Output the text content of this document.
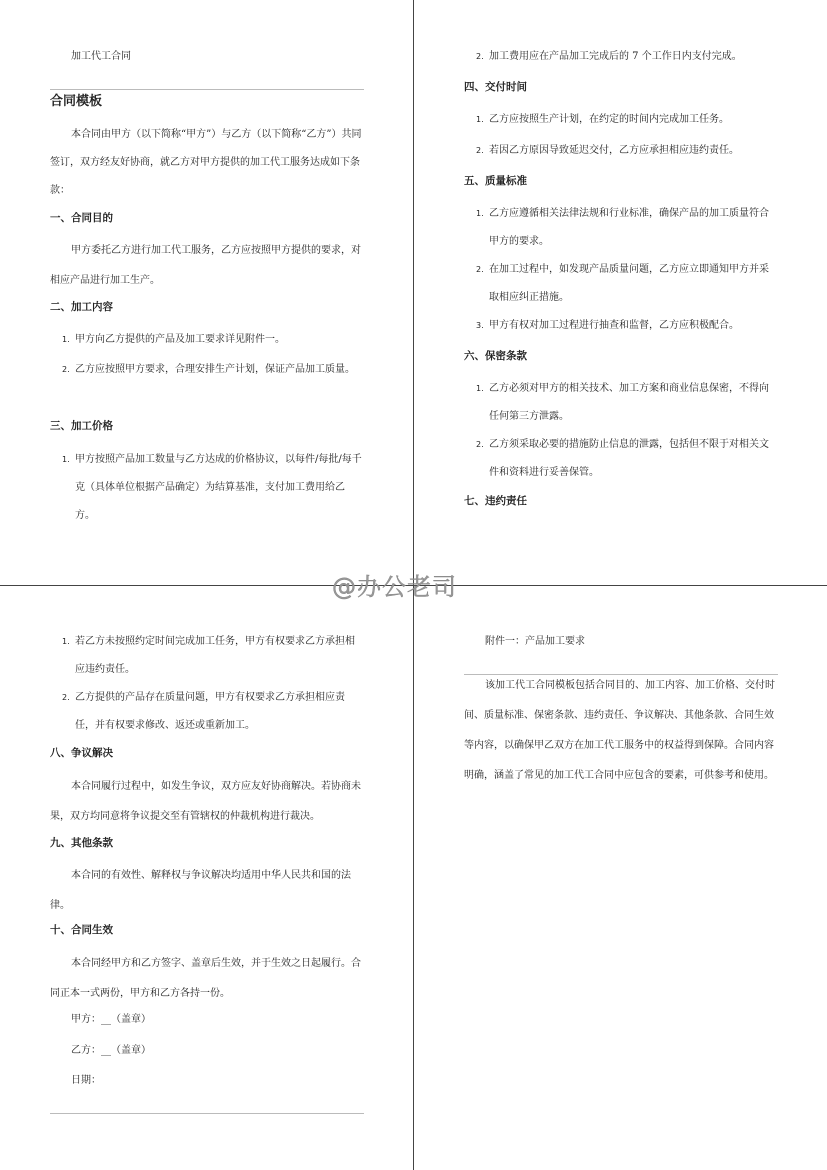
加工代工合同
合同模板
本合同由甲方（以下简称“甲方”）与乙方（以下简称“乙方”）共同签订，双方经友好协商，就乙方对甲方提供的加工代工服务达成如下条款：
一、合同目的
甲方委托乙方进行加工代工服务，乙方应按照甲方提供的要求，对相应产品进行加工生产。
二、加工内容
1. 甲方向乙方提供的产品及加工要求详见附件一。
2. 乙方应按照甲方要求，合理安排生产计划，保证产品加工质量。
三、加工价格
1. 甲方按照产品加工数量与乙方达成的价格协议，以每件/每批/每千克（具体单位根据产品确定）为结算基准，支付加工费用给乙方。
2. 加工费用应在产品加工完成后的 7 个工作日内支付完成。
四、交付时间
1. 乙方应按照生产计划，在约定的时间内完成加工任务。
2. 若因乙方原因导致延迟交付，乙方应承担相应违约责任。
五、质量标准
1. 乙方应遵循相关法律法规和行业标准，确保产品的加工质量符合甲方的要求。
2. 在加工过程中，如发现产品质量问题，乙方应立即通知甲方并采取相应纠正措施。
3. 甲方有权对加工过程进行抽查和监督，乙方应积极配合。
六、保密条款
1. 乙方必须对甲方的相关技术、加工方案和商业信息保密，不得向任何第三方泄露。
2. 乙方须采取必要的措施防止信息的泄露，包括但不限于对相关文件和资料进行妥善保管。
七、违约责任
1. 若乙方未按照约定时间完成加工任务，甲方有权要求乙方承担相应违约责任。
2. 乙方提供的产品存在质量问题，甲方有权要求乙方承担相应责任，并有权要求修改、返还或重新加工。
八、争议解决
本合同履行过程中，如发生争议，双方应友好协商解决。若协商未果，双方均同意将争议提交至有管辖权的仲裁机构进行裁决。
九、其他条款
本合同的有效性、解释权与争议解决均适用中华人民共和国的法律。
十、合同生效
本合同经甲方和乙方签字、盖章后生效，并于生效之日起履行。合同正本一式两份，甲方和乙方各持一份。
甲方：__（盖章）
乙方：__（盖章）
日期：
附件一：产品加工要求
该加工代工合同模板包括合同目的、加工内容、加工价格、交付时间、质量标准、保密条款、违约责任、争议解决、其他条款、合同生效等内容，以确保甲乙双方在加工代工服务中的权益得到保障。合同内容明确，涵盖了常见的加工代工合同中应包含的要素，可供参考和使用。
@办公老司
